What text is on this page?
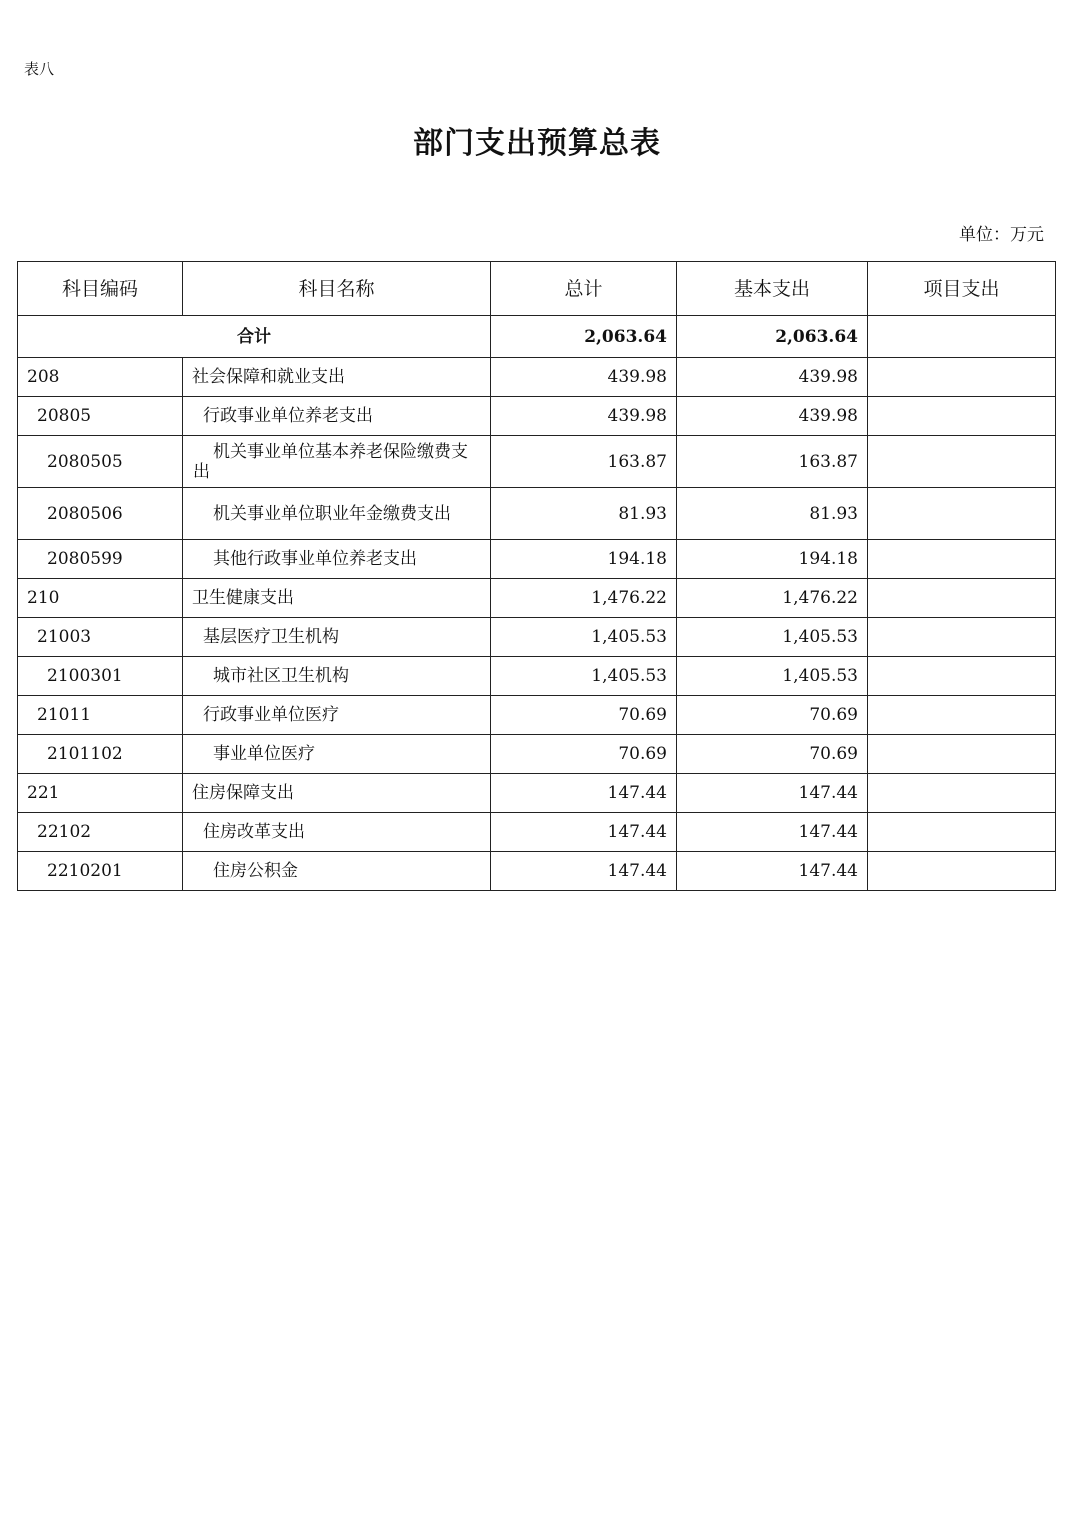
表八
部门支出预算总表
单位：万元
科目编码	科目名称	总计	基本支出	项目支出
合计		2,063.64	2,063.64	
208	社会保障和就业支出	439.98	439.98	
20805	行政事业单位养老支出	439.98	439.98	
2080505	机关事业单位基本养老保险缴费支出	163.87	163.87	
2080506	机关事业单位职业年金缴费支出	81.93	81.93	
2080599	其他行政事业单位养老支出	194.18	194.18	
210	卫生健康支出	1,476.22	1,476.22	
21003	基层医疗卫生机构	1,405.53	1,405.53	
2100301	城市社区卫生机构	1,405.53	1,405.53	
21011	行政事业单位医疗	70.69	70.69	
2101102	事业单位医疗	70.69	70.69	
221	住房保障支出	147.44	147.44	
22102	住房改革支出	147.44	147.44	
2210201	住房公积金	147.44	147.44	
